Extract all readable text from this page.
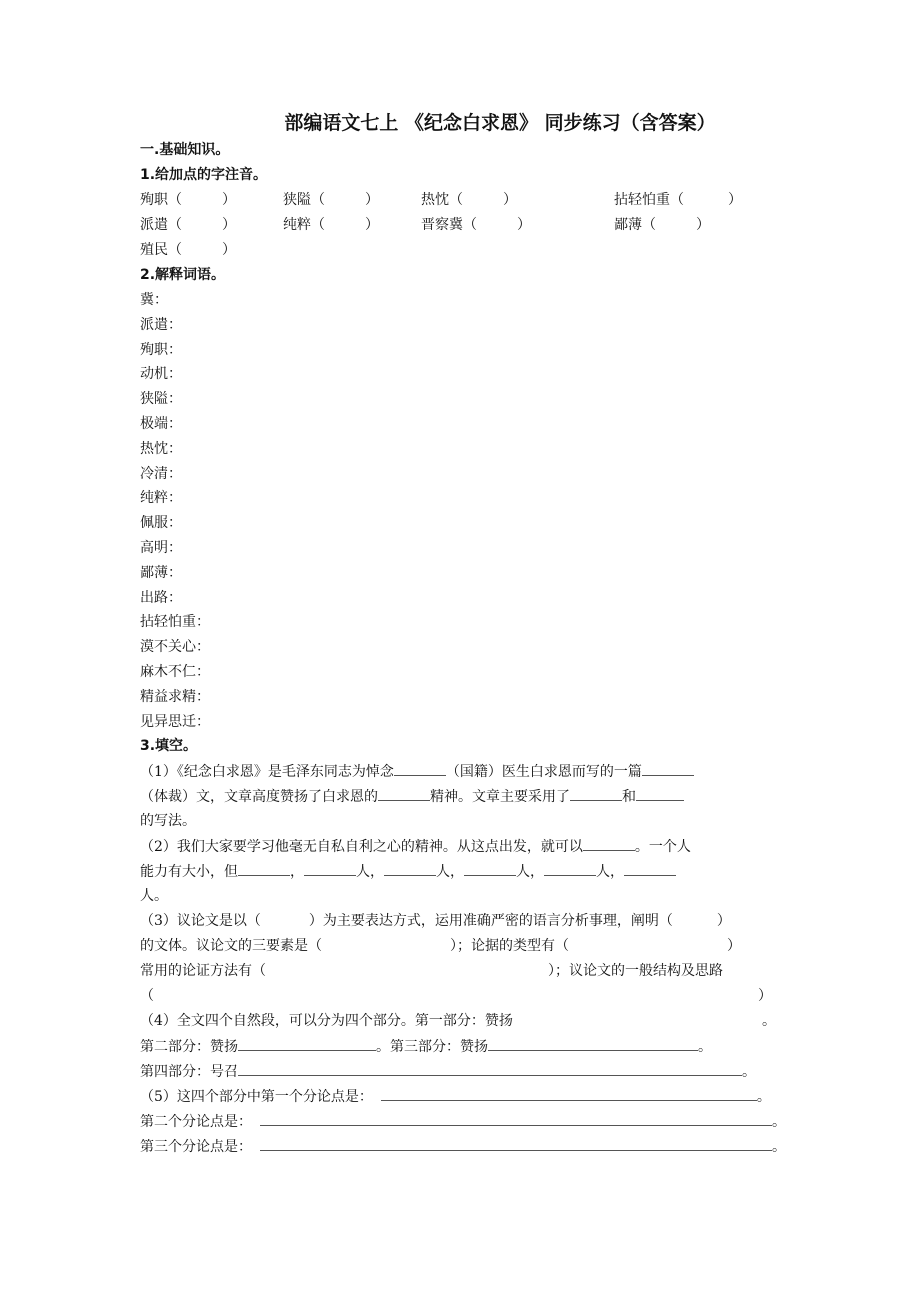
部编语文七上 《纪念白求恩》 同步练习（含答案）
一.基础知识。
1.给加点的字注音。
殉职（	）	狭隘（	）	热忱（	）	拈轻怕重（	）
派遣（	）	纯粹（	）	晋察冀（	）	鄙薄（	）
殖民（	）
2.解释词语。
冀：
派遣：
殉职：
动机：
狭隘：
极端：
热忱：
冷清：
纯粹：
佩服：
高明：
鄙薄：
出路：
拈轻怕重：
漠不关心：
麻木不仁：
精益求精：
见异思迁：
3.填空。
（1）《纪念白求恩》是毛泽东同志为悼念	（国籍）医生白求恩而写的一篇
（体裁）文，文章高度赞扬了白求恩的	精神。文章主要采用了	和
的写法。
（2）我们大家要学习他毫无自私自利之心的精神。从这点出发，就可以	。一个人
能力有大小，但	，	人，	人，	人，	人，
人。
（3）议论文是以（	）为主要表达方式，运用准确严密的语言分析事理，阐明（	）
的文体。议论文的三要素是（	）；论据的类型有（	）
常用的论证方法有（	）；议论文的一般结构及思路
（	）
（4）全文四个自然段，可以分为四个部分。第一部分：赞扬	。
第二部分：赞扬	。第三部分：赞扬	。
第四部分：号召	。
（5）这四个部分中第一个分论点是：	。
第二个分论点是：	。
第三个分论点是：	。
